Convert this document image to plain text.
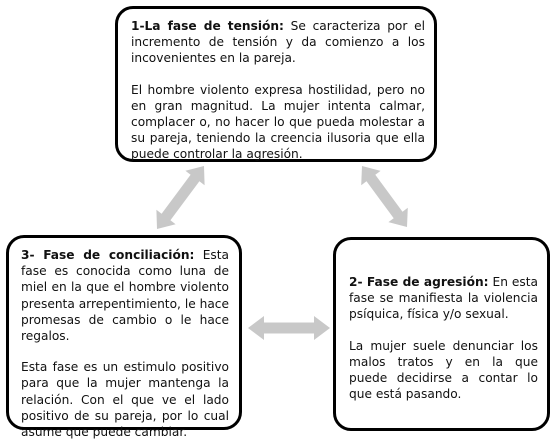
1-La fase de tensión: Se caracteriza por el incremento de tensión y da comienzo a los incovenientes en la pareja.

El hombre violento expresa hostilidad, pero no en gran magnitud. La mujer intenta calmar, complacer o, no hacer lo que pueda molestar a su pareja, teniendo la creencia ilusoria que ella puede controlar la agresión.

3- Fase de conciliación: Esta fase es conocida como luna de miel en la que el hombre violento presenta arrepentimiento, le hace promesas de cambio o le hace regalos.

Esta fase es un estimulo positivo para que la mujer mantenga la relación. Con el que ve el lado positivo de su pareja, por lo cual asume que puede cambiar.

2- Fase de agresión: En esta fase se manifiesta la violencia psíquica, física y/o sexual.

La mujer suele denunciar los malos tratos y en la que puede decidirse a contar lo que está pasando.
